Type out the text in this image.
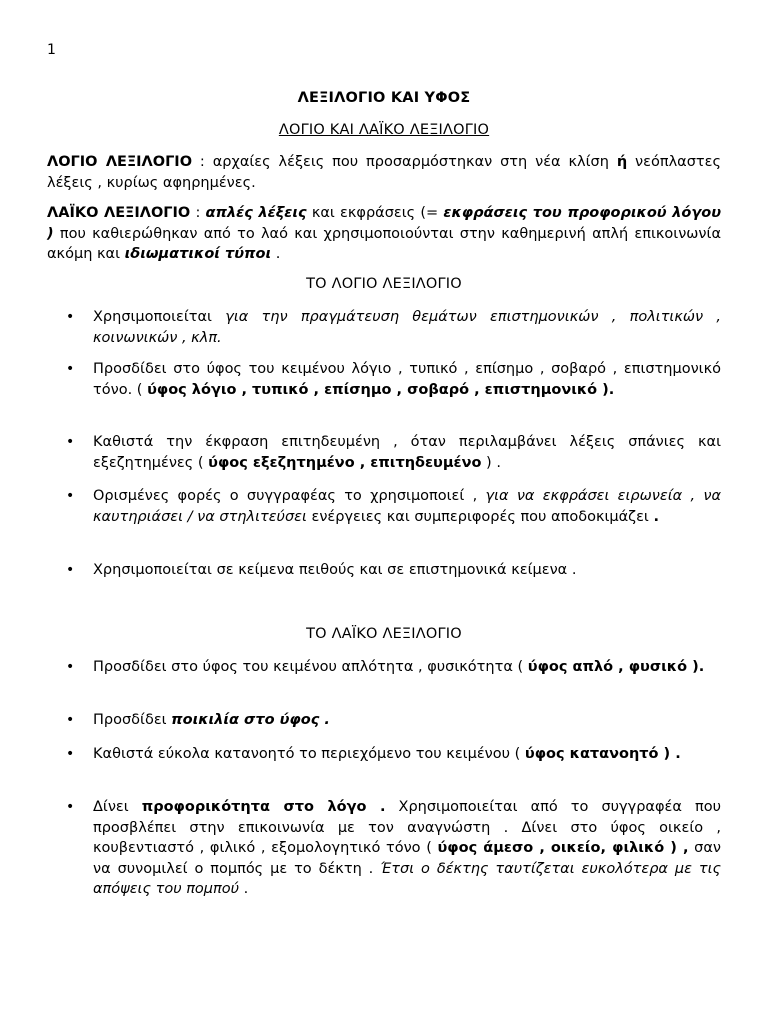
1
ΛΕΞΙΛΟΓΙΟ ΚΑΙ ΥΦΟΣ
ΛΟΓΙΟ ΚΑΙ ΛΑΪΚΟ ΛΕΞΙΛΟΓΙΟ

ΛΟΓΙΟ ΛΕΞΙΛΟΓΙΟ : αρχαίες λέξεις που προσαρμόστηκαν στη νέα κλίση ή νεόπλαστες λέξεις , κυρίως αφηρημένες.

ΛΑΪΚΟ ΛΕΞΙΛΟΓΙΟ : απλές λέξεις και εκφράσεις (= εκφράσεις του προφορικού λόγου ) που καθιερώθηκαν από το λαό και χρησιμοποιούνται στην καθημερινή απλή επικοινωνία ακόμη και ιδιωματικοί τύποι .

ΤΟ ΛΟΓΙΟ ΛΕΞΙΛΟΓΙΟ
•	Χρησιμοποιείται για την πραγμάτευση θεμάτων επιστημονικών , πολιτικών , κοινωνικών , κλπ.
•	Προσδίδει στο ύφος του κειμένου λόγιο , τυπικό , επίσημο , σοβαρό , επιστημονικό τόνο. ( ύφος λόγιο , τυπικό , επίσημο , σοβαρό , επιστημονικό ).
•	Καθιστά την έκφραση επιτηδευμένη , όταν περιλαμβάνει λέξεις σπάνιες και εξεζητημένες ( ύφος εξεζητημένο , επιτηδευμένο ) .
•	Ορισμένες φορές ο συγγραφέας το χρησιμοποιεί , για να εκφράσει ειρωνεία , να καυτηριάσει / να στηλιτεύσει ενέργειες και συμπεριφορές που αποδοκιμάζει .
•	Χρησιμοποιείται σε κείμενα πειθούς και σε επιστημονικά κείμενα .
ΤΟ ΛΑΪΚΟ ΛΕΞΙΛΟΓΙΟ
•	Προσδίδει στο ύφος του κειμένου απλότητα , φυσικότητα ( ύφος απλό , φυσικό ).
•	Προσδίδει ποικιλία στο ύφος .
•	Καθιστά εύκολα κατανοητό το περιεχόμενο του κειμένου ( ύφος κατανοητό ) .
•	Δίνει προφορικότητα στο λόγο . Χρησιμοποιείται από το συγγραφέα που προσβλέπει στην επικοινωνία με τον αναγνώστη . Δίνει στο ύφος οικείο , κουβεντιαστό , φιλικό , εξομολογητικό τόνο ( ύφος άμεσο , οικείο, φιλικό ) , σαν να συνομιλεί ο πομπός με το δέκτη . Έτσι ο δέκτης ταυτίζεται ευκολότερα με τις απόψεις του πομπού .
